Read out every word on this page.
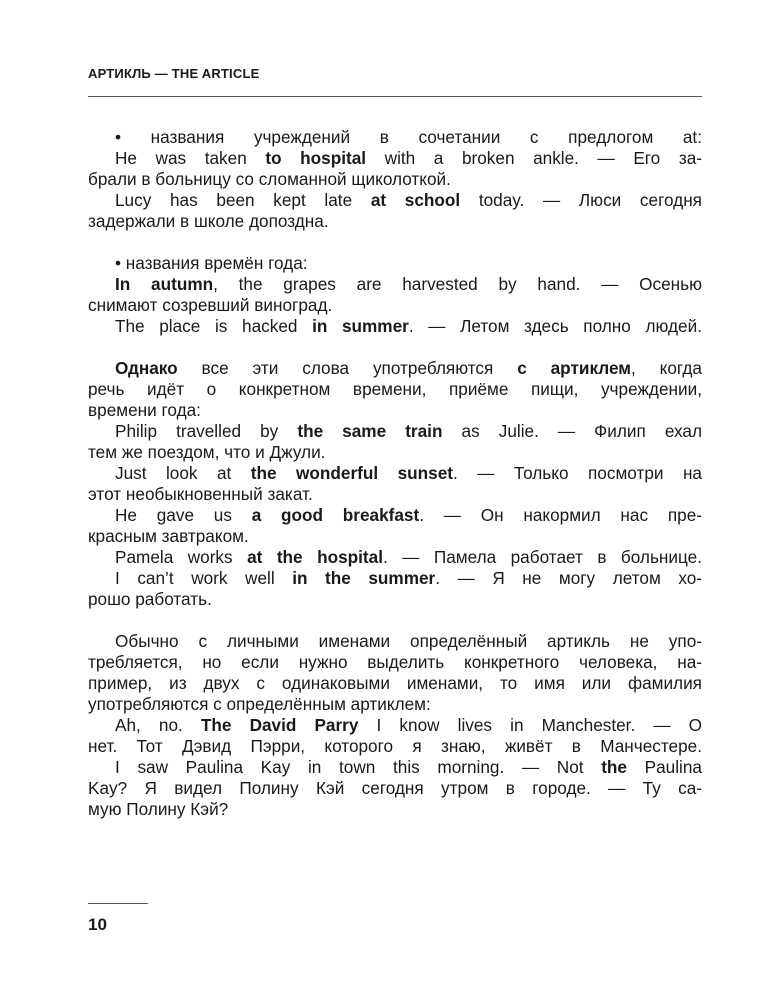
АРТИКЛЬ — THE ARTICLE
• названия учреждений в сочетании с предлогом at:
He was taken to hospital with a broken ankle. — Его за-
брали в больницу со сломанной щиколоткой.
Lucy has been kept late at school today. — Люси сегодня
задержали в школе допоздна.
• названия времён года:
In autumn, the grapes are harvested by hand. — Осенью
снимают созревший виноград.
The place is hacked in summer. — Летом здесь полно людей.
Однако все эти слова употребляются с артиклем, когда
речь идёт о конкретном времени, приёме пищи, учреждении,
времени года:
Philip travelled by the same train as Julie. — Филип ехал
тем же поездом, что и Джули.
Just look at the wonderful sunset. — Только посмотри на
этот необыкновенный закат.
He gave us a good breakfast. — Он накормил нас пре-
красным завтраком.
Pamela works at the hospital. — Памела работает в больнице.
I can’t work well in the summer. — Я не могу летом хо-
рошо работать.
Обычно с личными именами определённый артикль не упо-
требляется, но если нужно выделить конкретного человека, на-
пример, из двух с одинаковыми именами, то имя или фамилия
употребляются с определённым артиклем:
Ah, no. The David Parry I know lives in Manchester. — О
нет. Тот Дэвид Пэрри, которого я знаю, живёт в Манчестере.
I saw Paulina Kay in town this morning. — Not the Paulina
Kay? Я видел Полину Кэй сегодня утром в городе. — Ту са-
мую Полину Кэй?
10
